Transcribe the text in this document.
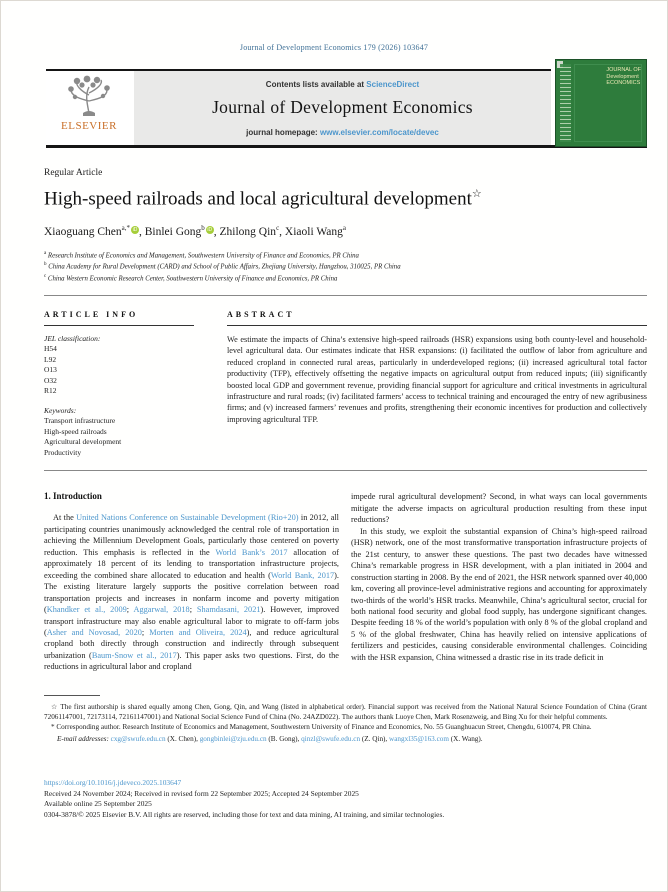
Journal of Development Economics 179 (2026) 103647
ELSEVIER
Contents lists available at ScienceDirect
Journal of Development Economics
journal homepage: www.elsevier.com/locate/devec
JOURNAL OF
Development
ECONOMICS
Regular Article
High-speed railroads and local agricultural development☆
Xiaoguang Chen$^{a,*}$ iD , Binlei Gong$^b$ iD , Zhilong Qin$^c$, Xiaoli Wang$^a$
$^a$ Research Institute of Economics and Management, Southwestern University of Finance and Economics, PR China
$^b$ China Academy for Rural Development (CARD) and School of Public Affairs, Zhejiang University, Hangzhou, 310025, PR China
$^c$ China Western Economic Research Center, Southwestern University of Finance and Economics, PR China
ARTICLE INFO
JEL classification:
H54
L92
O13
O32
R12
Keywords:
Transport infrastructure
High-speed railroads
Agricultural development
Productivity
ABSTRACT
We estimate the impacts of China’s extensive high-speed railroads (HSR) expansions using both county-level and household-level agricultural data. Our estimates indicate that HSR expansions: (i) facilitated the outflow of labor from agriculture and reduced cropland in connected rural areas, particularly in underdeveloped regions; (ii) increased agricultural total factor productivity (TFP), effectively offsetting the negative impacts on agricultural output from reduced inputs; (iii) significantly boosted local GDP and government revenue, providing financial support for agriculture and critical investments in agricultural infrastructure and rural roads; (iv) facilitated farmers’ access to technical training and encouraged the entry of new agribusiness firms; and (v) increased farmers’ revenues and profits, strengthening their economic incentives for production and collectively improving agricultural TFP.
1. Introduction

At the United Nations Conference on Sustainable Development (Rio+20) in 2012, all participating countries unanimously acknowledged the central role of transportation in achieving the Millennium Development Goals, particularly those centered on poverty reduction. This emphasis is reflected in the World Bank’s 2017 allocation of approximately 18 percent of its lending to transportation infrastructure projects, exceeding the combined share allocated to education and health (World Bank, 2017). The existing literature largely supports the positive correlation between road transportation projects and increases in nonfarm income and poverty mitigation (Khandker et al., 2009; Aggarwal, 2018; Shamdasani, 2021). However, improved transport infrastructure may also enable agricultural labor to migrate to off-farm jobs (Asher and Novosad, 2020; Morten and Oliveira, 2024), and reduce agricultural cropland both directly through construction and indirectly through subsequent urbanization (Baum-Snow et al., 2017). This paper asks two questions. First, do the reductions in agricultural labor and cropland

impede rural agricultural development? Second, in what ways can local governments mitigate the adverse impacts on agricultural production resulting from these input reductions?

In this study, we exploit the substantial expansion of China’s high-speed railroad (HSR) network, one of the most transformative transportation infrastructure projects of the 21st century, to answer these questions. The past two decades have witnessed China’s remarkable progress in HSR development, with a plan initiated in 2004 and construction starting in 2008. By the end of 2021, the HSR network spanned over 40,000 km, covering all province-level administrative regions and accounting for approximately two-thirds of the world’s HSR tracks. Meanwhile, China’s agricultural sector, crucial for both national food security and global food supply, has undergone significant changes. Despite feeding 18 % of the world’s population with only 8 % of the global cropland and 5 % of the global freshwater, China has heavily relied on intensive applications of fertilizers and pesticides, causing considerable environmental challenges. Coinciding with the HSR expansion, China witnessed a drastic rise in its trade deficit in

☆ The first authorship is shared equally among Chen, Gong, Qin, and Wang (listed in alphabetical order). Financial support was received from the National Natural Science Foundation of China (Grant 72061147001, 72173114, 72161147001) and National Social Science Fund of China (No. 24AZD022). The authors thank Luoye Chen, Mark Rosenzweig, and Bing Xu for their helpful comments.

* Corresponding author. Research Institute of Economics and Management, Southwestern University of Finance and Economics, No. 55 Guanghuacun Street, Chengdu, 610074, PR China.

E-mail addresses: cxg@swufe.edu.cn (X. Chen), gongbinlei@zju.edu.cn (B. Gong), qinzl@swufe.edu.cn (Z. Qin), wangxl35@163.com (X. Wang).

https://doi.org/10.1016/j.jdeveco.2025.103647
Received 24 November 2024; Received in revised form 22 September 2025; Accepted 24 September 2025
Available online 25 September 2025
0304-3878/© 2025 Elsevier B.V. All rights are reserved, including those for text and data mining, AI training, and similar technologies.
